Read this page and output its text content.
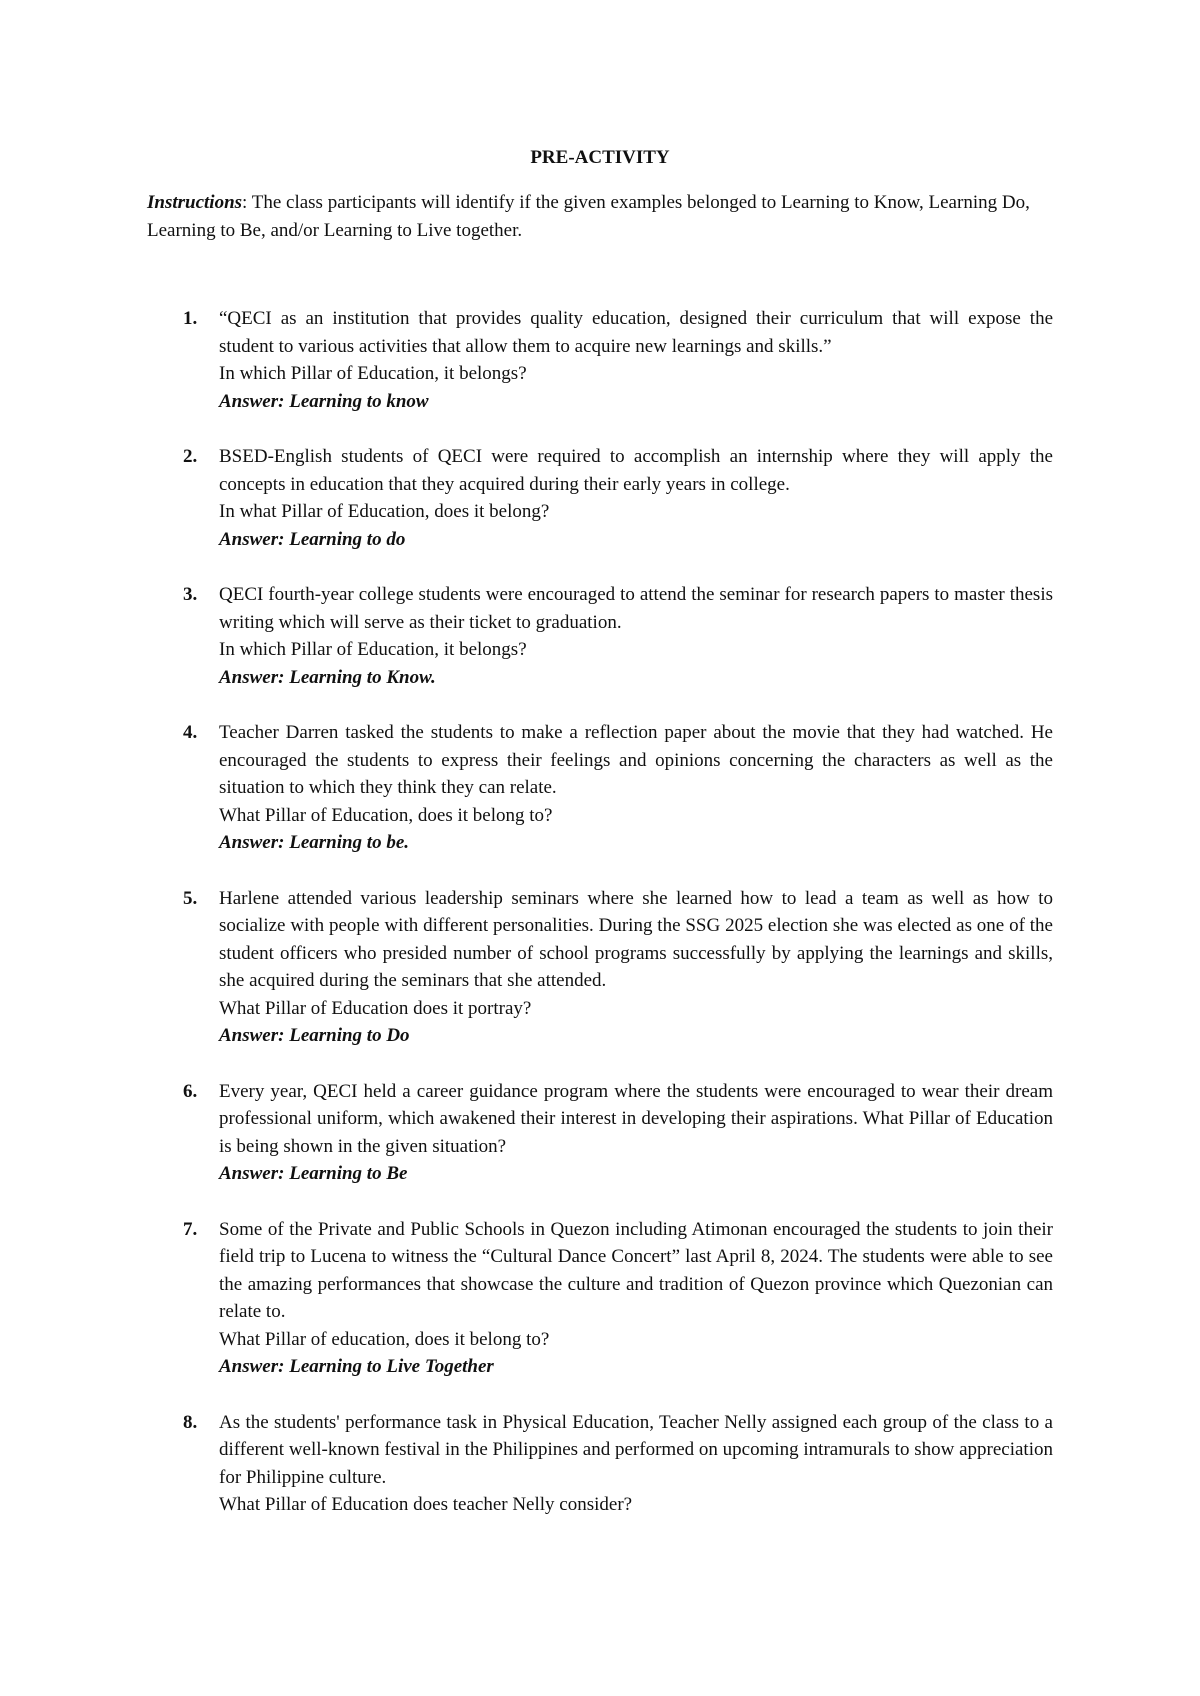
PRE-ACTIVITY

Instructions: The class participants will identify if the given examples belonged to Learning to Know, Learning Do, Learning to Be, and/or Learning to Live together.

1.	“QECI as an institution that provides quality education, designed their curriculum that will expose the student to various activities that allow them to acquire new learnings and skills.”

In which Pillar of Education, it belongs?

Answer: Learning to know

2.	BSED-English students of QECI were required to accomplish an internship where they will apply the concepts in education that they acquired during their early years in college.

In what Pillar of Education, does it belong?

Answer: Learning to do

3.	QECI fourth-year college students were encouraged to attend the seminar for research papers to master thesis writing which will serve as their ticket to graduation.

In which Pillar of Education, it belongs?

Answer: Learning to Know.

4.	Teacher Darren tasked the students to make a reflection paper about the movie that they had watched. He encouraged the students to express their feelings and opinions concerning the characters as well as the situation to which they think they can relate.

What Pillar of Education, does it belong to?

Answer: Learning to be.

5.	Harlene attended various leadership seminars where she learned how to lead a team as well as how to socialize with people with different personalities. During the SSG 2025 election she was elected as one of the student officers who presided number of school programs successfully by applying the learnings and skills, she acquired during the seminars that she attended.

What Pillar of Education does it portray?

Answer: Learning to Do

6.	Every year, QECI held a career guidance program where the students were encouraged to wear their dream professional uniform, which awakened their interest in developing their aspirations. What Pillar of Education is being shown in the given situation?

Answer: Learning to Be

7.	Some of the Private and Public Schools in Quezon including Atimonan encouraged the students to join their field trip to Lucena to witness the “Cultural Dance Concert” last April 8, 2024. The students were able to see the amazing performances that showcase the culture and tradition of Quezon province which Quezonian can relate to.

What Pillar of education, does it belong to?

Answer: Learning to Live Together

8.	As the students' performance task in Physical Education, Teacher Nelly assigned each group of the class to a different well-known festival in the Philippines and performed on upcoming intramurals to show appreciation for Philippine culture.

What Pillar of Education does teacher Nelly consider?
